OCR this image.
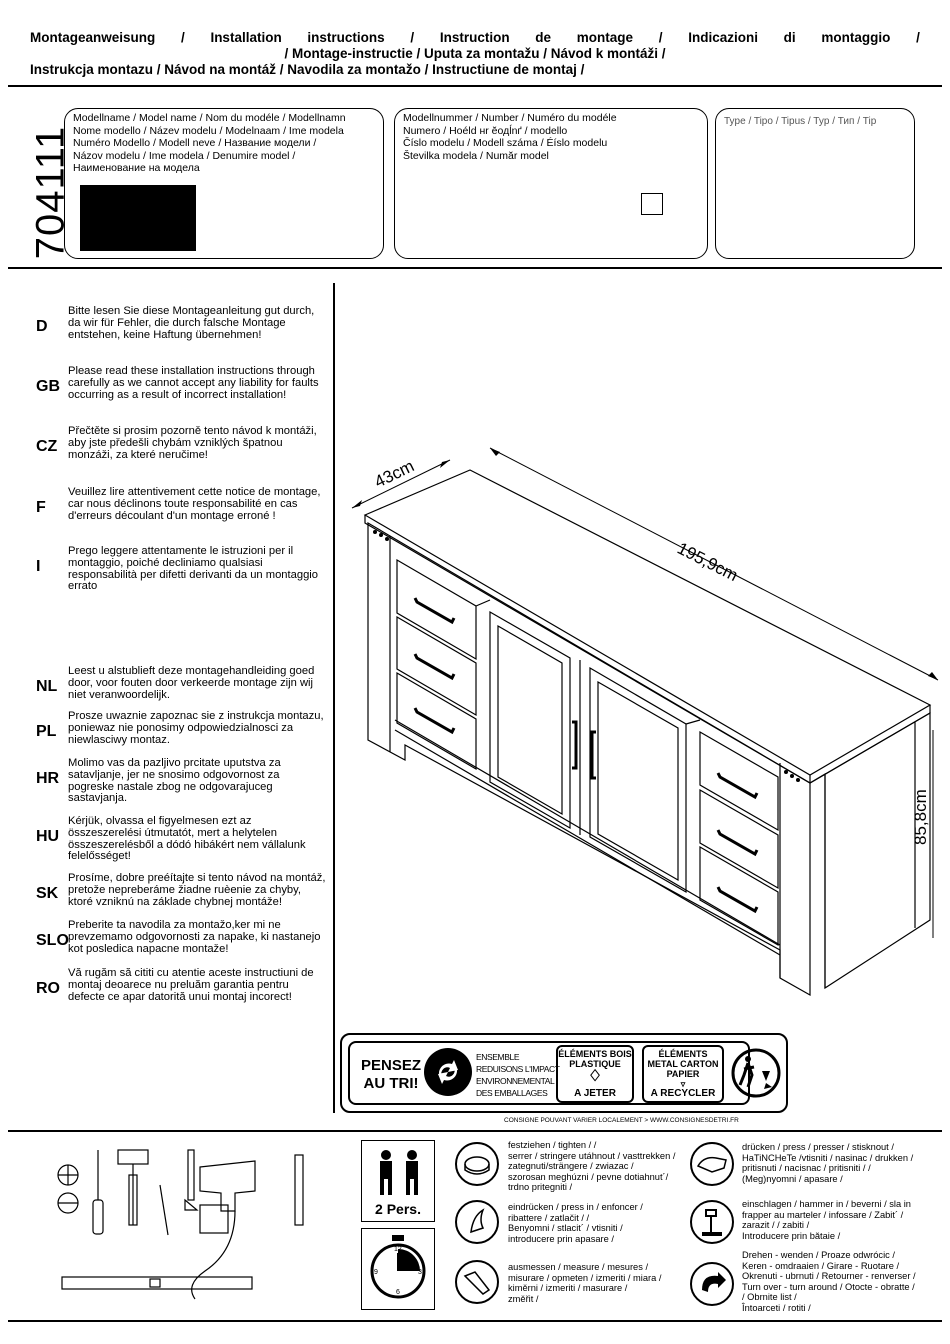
Montageanweisung / Installation instructions / Instruction de montage / Indicazioni di montaggio /
/ Montage-instructie / Uputa za montažu / Návod k montáži /
Instrukcja montazu / Návod na montáž / Navodila za montažo / Instructiune de montaj /
704111
Modellname / Model name / Nom du modéle / Modellnamn
Nome modello / Název modelu / Modelnaam / Ime modela
Numéro Modello / Modell neve / Название модели /
Názov modelu / Ime modela / Denumire model /
Наименование на модела
Modellnummer / Number / Numéro du modéle
Numero / Ноéld нr ĕодĺnґ / modello
Číslo modelu / Modell száma / Éíslo modelu
Številka modela / Număr model
Type / Tipo / Tipus / Typ / Тип / Tip
D
Bitte lesen Sie diese Montageanleitung gut durch, da wir für Fehler, die durch falsche Montage entstehen, keine Haftung übernehmen!
GB
Please read these installation instructions through carefully as we cannot accept any liability for faults occurring as a result of incorrect installation!
CZ
Přečtěte si prosim pozorně tento návod k montáži, aby jste předešli chybám vzniklých špatnou monzáži, za které neručime!
F
Veuillez lire attentivement cette notice de montage, car nous déclinons toute responsabilité en cas d'erreurs découlant d'un montage erroné !
I
Prego leggere attentamente le istruzioni per il montaggio, poiché decliniamo qualsiasi responsabilità per difetti derivanti da un montaggio errato
NL
Leest u alstublieft deze montagehandleiding goed door, voor fouten door verkeerde montage zijn wij niet veranwoordelijk.
PL
Prosze uwaznie zapoznac sie z instrukcja montazu, poniewaz nie ponosimy odpowiedzialnosci za niewlasciwy montaz.
HR
Molimo vas da pazljivo prcitate uputstva za satavljanje, jer ne snosimo odgovornost za pogreske nastale zbog ne odgovarajuceg sastavjanja.
HU
Kérjük, olvassa el figyelmesen ezt az összeszerelési útmutatót, mert a helytelen összeszerelésből a dódó hibákért nem vállalunk felelősséget!
SK
Prosíme, dobre preéítajte si tento návod na montáž, pretože nepreberáme žiadne ruèenie za chyby, ktoré vzniknú na základe chybnej montáže!
SLO
Preberite ta navodila za montažo,ker mi ne prevzemamo odgovornosti za napake, ki nastanejo kot posledica napacne montaže!
RO
Vă rugăm să cititi cu atentie aceste instructiuni de montaj deoarece nu preluăm garantia pentru defecte ce apar datorită unui montaj incorect!
43cm
195,9cm
85,8cm
PENSEZ AU TRI!
ENSEMBLE
REDUISONS L'IMPACT
ENVIRONNEMENTAL
DES EMBALLAGES
ÉLÉMENTS BOIS PLASTIQUE
♢
A JETER
ÉLÉMENTS METAL CARTON PAPIER
▿
A RECYCLER
CONSIGNE POUVANT VARIER LOCALEMENT > WWW.CONSIGNESDETRI.FR
2 Pers.
12
3
6
9
festziehen / tighten / /
serrer / stringere utáhnout / vasttrekken /
zategnuti/strängere / zwiazac /
szorosan meghúzni / pevne dotiahnut´/
trdno pritegniti /
eindrücken / press in / enfoncer /
ribattere / zatlačit / /
Benyomni / stlacit´ / vtisniti /
introducere prin apasare /
ausmessen / measure / mesures /
misurare / opmeten / izmeriti / miara /
kiměrni / izmeriti / masurare /
změřit /
drücken / press / presser / stisknout /
HaTiNCHeTe /vtisniti / nasinac / drukken /
pritisnuti / nacisnac / pritisniti / /
(Meg)nyomni / apasare /
einschlagen / hammer in / beverni / sla in
frapper au marteler / infossare / Zabit´ /
zarazit / / zabiti /
Introducere prin bătaie /
Drehen - wenden / Proaze odwrócic /
Keren - omdraaien / Girare - Ruotare /
Okrenuti - ubrnuti / Retourner - renverser /
Turn over - turn around / Otocte - obratte /
/ Obrnite list /
Întoarceti / rotiti /
